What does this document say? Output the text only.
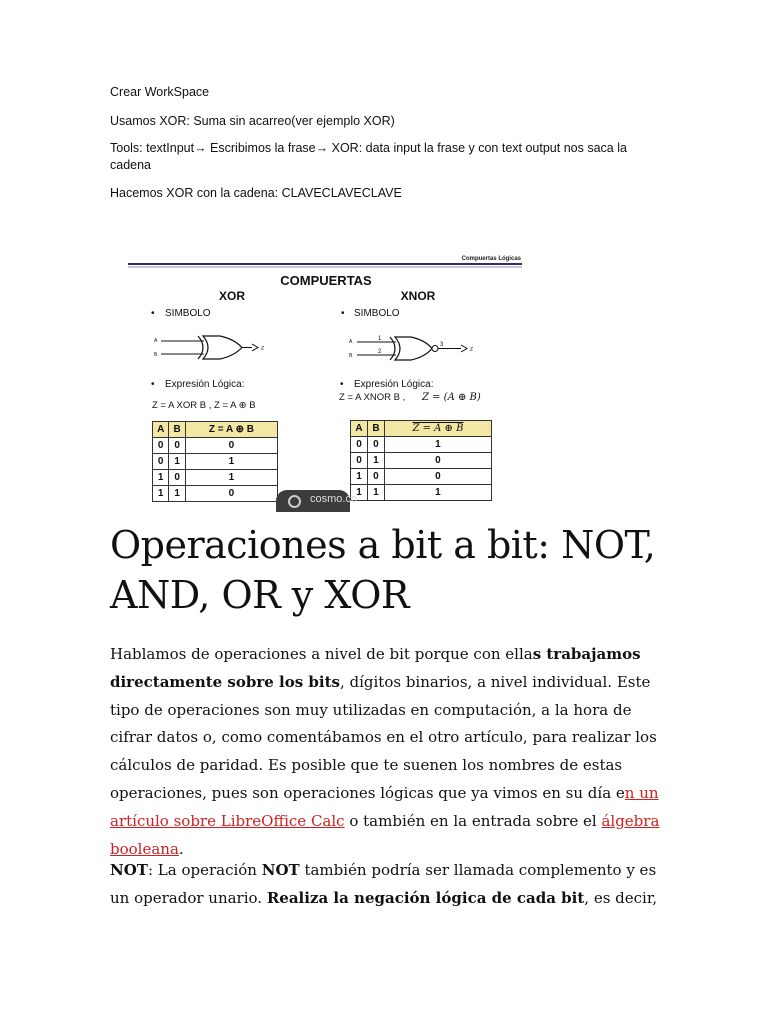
Crear WorkSpace

Usamos XOR: Suma sin acarreo(ver ejemplo XOR)

Tools: textInput→ Escribimos la frase→ XOR: data input la frase y con text output nos saca la cadena

Hacemos XOR con la cadena: CLAVECLAVECLAVE

Compuertas Lógicas
COMPUERTAS
XOR
• SIMBOLO
A
B
Z
• Expresión Lógica:
Z = A XOR B , Z = A ⊕ B
XNOR
• SIMBOLO
A
B
1
2
3
Z
• Expresión Lógica:
Z = A XNOR B , Z = (A ⊕ B)
A	B	Z = A ⊕ B
0	0	0
0	1	1
1	0	1
1	1	0
A	B	Z = A ⊕ B
0	0	1
0	1	0
1	0	0
1	1	1
cosmo.co
Operaciones a bit a bit: NOT, AND, OR y XOR

Hablamos de operaciones a nivel de bit porque con ellas trabajamos directamente sobre los bits, dígitos binarios, a nivel individual. Este tipo de operaciones son muy utilizadas en computación, a la hora de cifrar datos o, como comentábamos en el otro artículo, para realizar los cálculos de paridad. Es posible que te suenen los nombres de estas operaciones, pues son operaciones lógicas que ya vimos en su día en un artículo sobre LibreOffice Calc o también en la entrada sobre el álgebra booleana.

NOT: La operación NOT también podría ser llamada complemento y es un operador unario. Realiza la negación lógica de cada bit, es decir,
